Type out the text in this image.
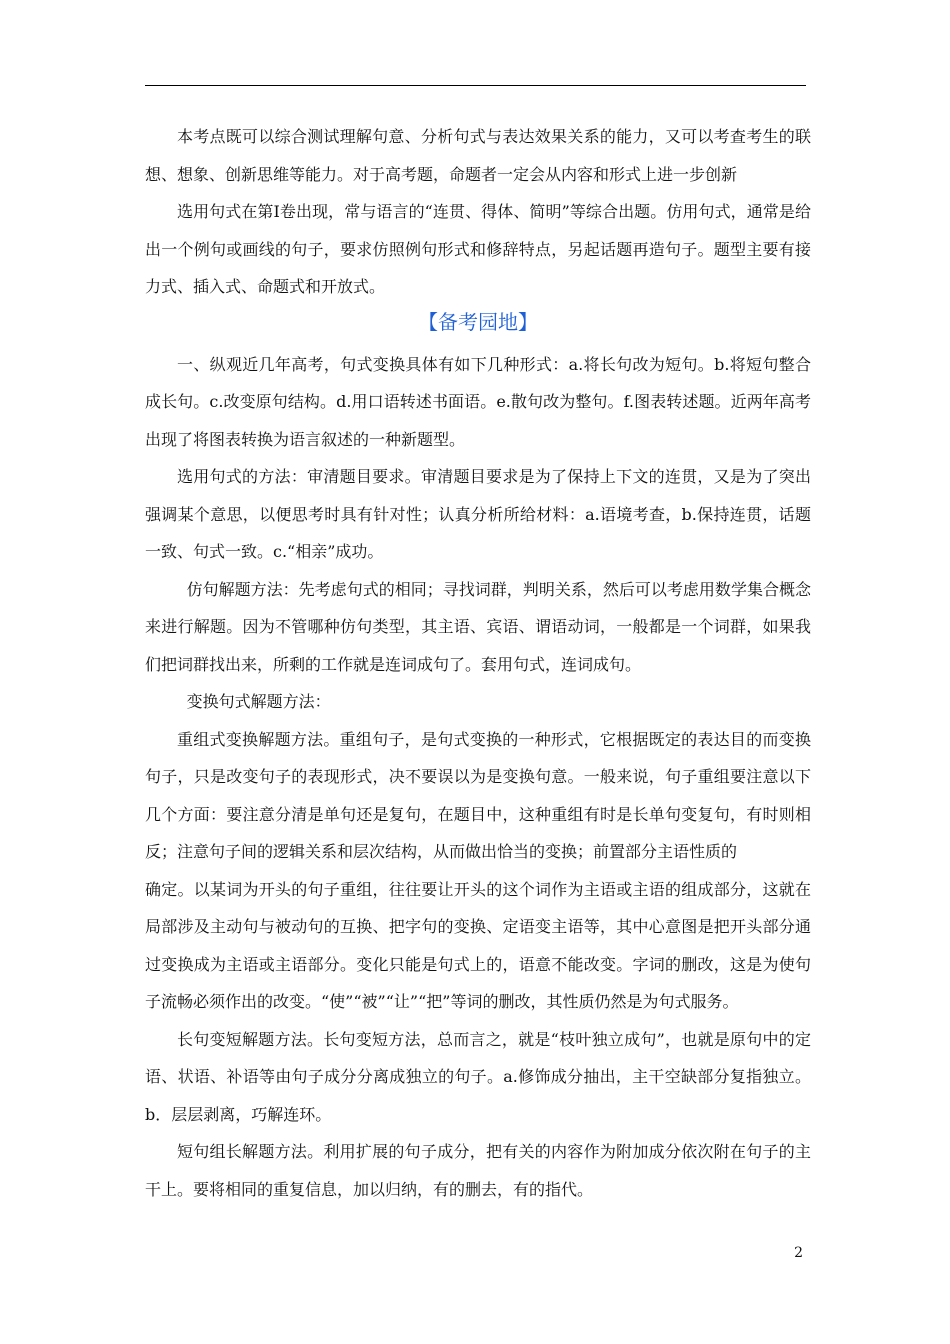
本考点既可以综合测试理解句意、分析句式与表达效果关系的能力，又可以考查考生的联想、想象、创新思维等能力。对于高考题，命题者一定会从内容和形式上进一步创新

选用句式在第Ⅰ卷出现，常与语言的“连贯、得体、简明”等综合出题。仿用句式，通常是给出一个例句或画线的句子，要求仿照例句形式和修辞特点，另起话题再造句子。题型主要有接力式、插入式、命题式和开放式。

【备考园地】

一、纵观近几年高考，句式变换具体有如下几种形式：a.将长句改为短句。b.将短句整合成长句。c.改变原句结构。d.用口语转述书面语。e.散句改为整句。f.图表转述题。近两年高考出现了将图表转换为语言叙述的一种新题型。

选用句式的方法：审清题目要求。审清题目要求是为了保持上下文的连贯，又是为了突出强调某个意思，以便思考时具有针对性；认真分析所给材料：a.语境考查，b.保持连贯，话题一致、句式一致。c.“相亲”成功。

仿句解题方法：先考虑句式的相同；寻找词群，判明关系，然后可以考虑用数学集合概念来进行解题。因为不管哪种仿句类型，其主语、宾语、谓语动词，一般都是一个词群，如果我们把词群找出来，所剩的工作就是连词成句了。套用句式，连词成句。

变换句式解题方法：

重组式变换解题方法。重组句子，是句式变换的一种形式，它根据既定的表达目的而变换句子，只是改变句子的表现形式，决不要误以为是变换句意。一般来说，句子重组要注意以下几个方面：要注意分清是单句还是复句，在题目中，这种重组有时是长单句变复句，有时则相反；注意句子间的逻辑关系和层次结构，从而做出恰当的变换；前置部分主语性质的

确定。以某词为开头的句子重组，往往要让开头的这个词作为主语或主语的组成部分，这就在局部涉及主动句与被动句的互换、把字句的变换、定语变主语等，其中心意图是把开头部分通过变换成为主语或主语部分。变化只能是句式上的，语意不能改变。字词的删改，这是为使句子流畅必须作出的改变。“使”“被”“让”“把”等词的删改，其性质仍然是为句式服务。

长句变短解题方法。长句变短方法，总而言之，就是“枝叶独立成句”，也就是原句中的定语、状语、补语等由句子成分分离成独立的句子。a.修饰成分抽出，主干空缺部分复指独立。b．层层剥离，巧解连环。

短句组长解题方法。利用扩展的句子成分，把有关的内容作为附加成分依次附在句子的主干上。要将相同的重复信息，加以归纳，有的删去，有的指代。

2
